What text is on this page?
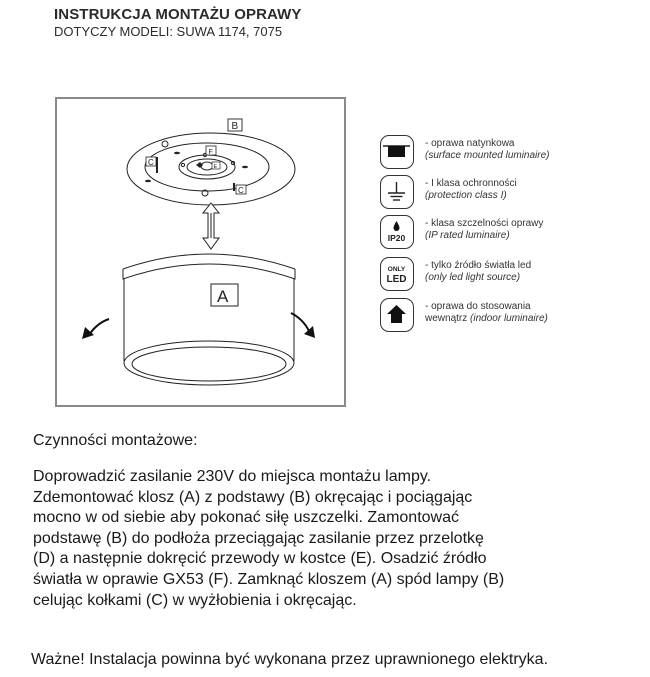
INSTRUKCJA MONTAŻU OPRAWY
DOTYCZY MODELI: SUWA 1174, 7075
B
C
C
F
E
A
- oprawa natynkowa
(surface mounted luminaire)
- I klasa ochronności
(protection class I)
IP20
- klasa szczelności oprawy
(IP rated luminaire)
ONLY
LED
- tylko źródło światła led
(only led light source)
- oprawa do stosowania
wewnątrz (indoor luminaire)
Czynności montażowe:
Doprowadzić zasilanie 230V do miejsca montażu lampy.
Zdemontować klosz (A) z podstawy (B) okręcając i pociągając
mocno w od siebie aby pokonać siłę uszczelki. Zamontować
podstawę (B) do podłoża przeciągając zasilanie przez przelotkę
(D) a następnie dokręcić przewody w kostce (E). Osadzić źródło
światła w oprawie GX53 (F). Zamknąć kloszem (A) spód lampy (B)
celując kołkami (C) w wyżłobienia i okręcając.
Ważne! Instalacja powinna być wykonana przez uprawnionego elektryka.
